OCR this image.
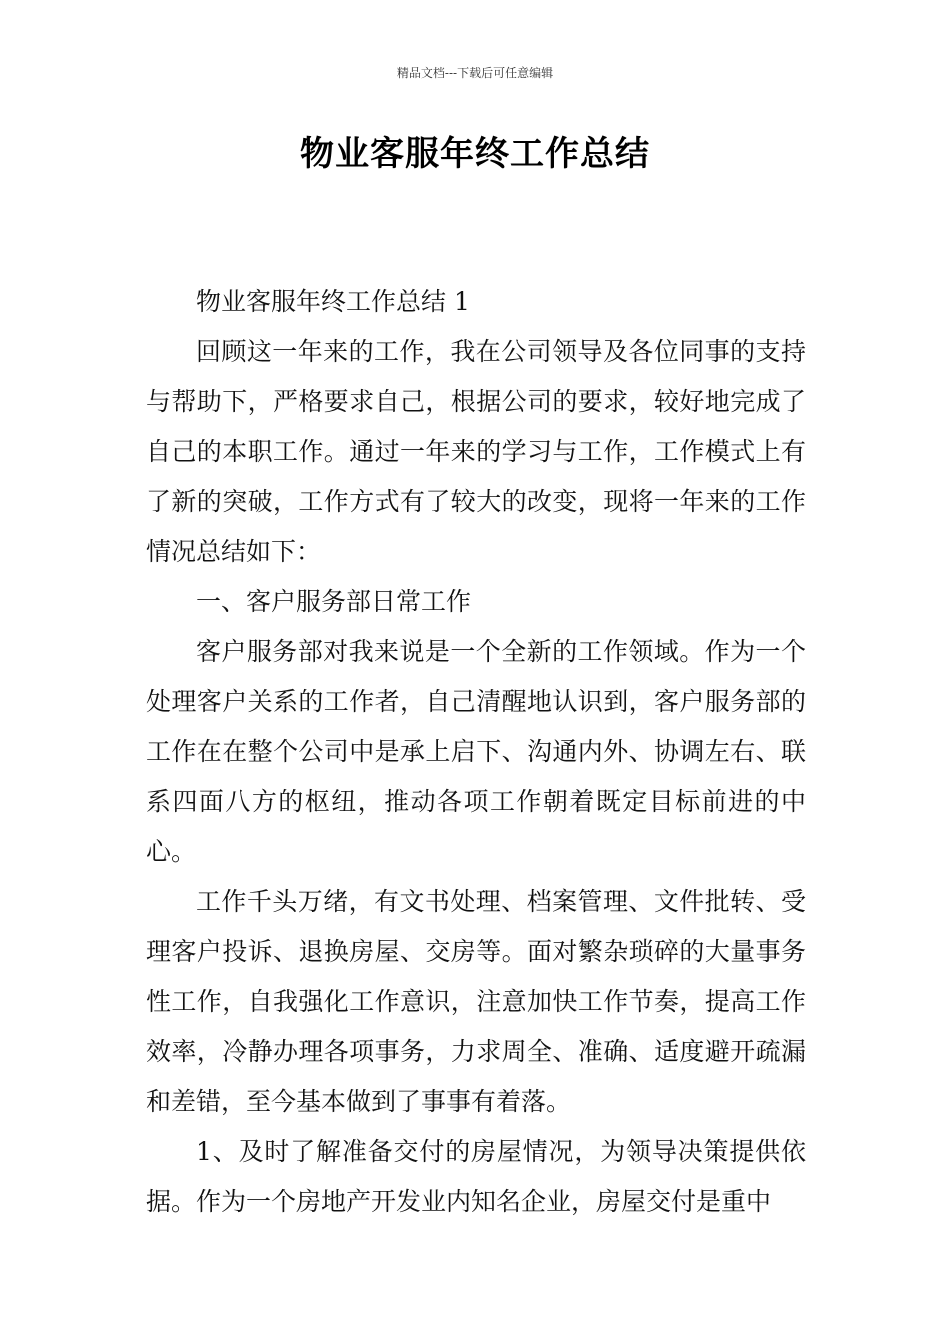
精品文档---下载后可任意编辑
物业客服年终工作总结

物业客服年终工作总结 1

回顾这一年来的工作，我在公司领导及各位同事的支持与帮助下，严格要求自己，根据公司的要求，较好地完成了自己的本职工作。通过一年来的学习与工作，工作模式上有了新的突破，工作方式有了较大的改变，现将一年来的工作情况总结如下：

一、客户服务部日常工作

客户服务部对我来说是一个全新的工作领域。作为一个处理客户关系的工作者，自己清醒地认识到，客户服务部的工作在在整个公司中是承上启下、沟通内外、协调左右、联系四面八方的枢纽，推动各项工作朝着既定目标前进的中心。

工作千头万绪，有文书处理、档案管理、文件批转、受理客户投诉、退换房屋、交房等。面对繁杂琐碎的大量事务性工作，自我强化工作意识，注意加快工作节奏，提高工作效率，冷静办理各项事务，力求周全、准确、适度避开疏漏和差错，至今基本做到了事事有着落。

1、及时了解准备交付的房屋情况，为领导决策提供依据。作为一个房地产开发业内知名企业，房屋交付是重中
